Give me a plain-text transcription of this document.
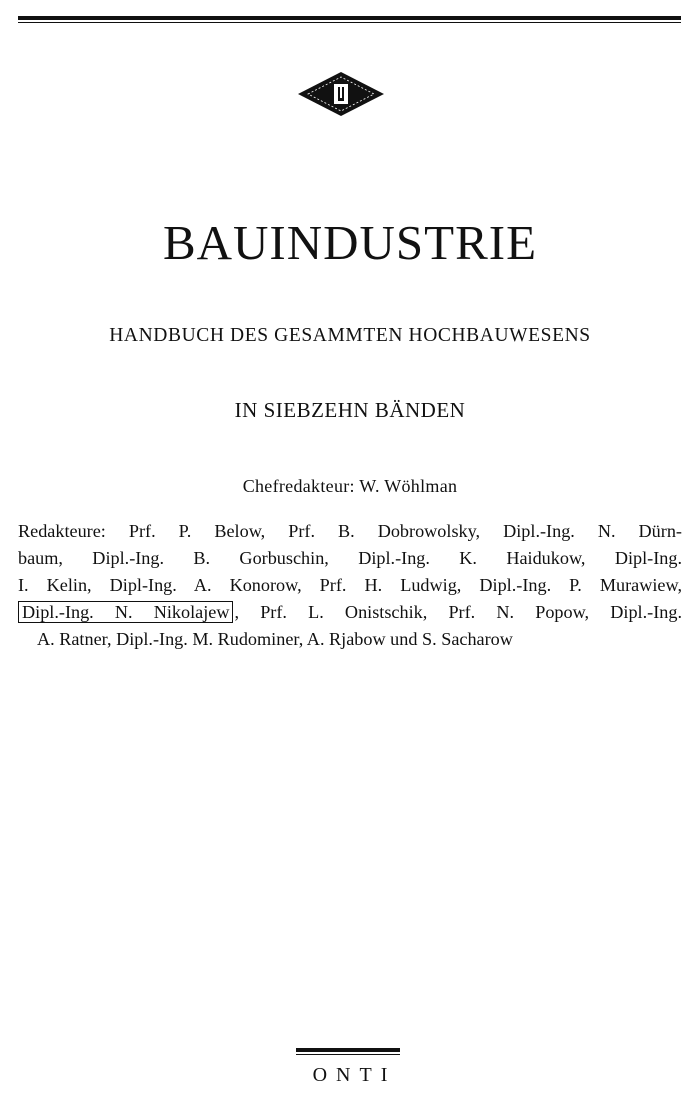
BAUINDUSTRIE
HANDBUCH DES GESAMMTEN HOCHBAUWESENS
IN SIEBZEHN BÄNDEN
Chefredakteur: W. Wöhlman
Redakteure: Prf. P. Below, Prf. B. Dobrowolsky, Dipl.-Ing. N. Dürn-
baum, Dipl.-Ing. B. Gorbuschin, Dipl.-Ing. K. Haidukow, Dipl-Ing.
I. Kelin, Dipl-Ing. A. Konorow, Prf. H. Ludwig, Dipl.-Ing. P. Murawiew,
Dipl.-Ing. N. Nikolajew , Prf. L. Onistschik, Prf. N. Popow, Dipl.-Ing.
A. Ratner, Dipl.-Ing. M. Rudominer, A. Rjabow und S. Sacharow
ONTI
